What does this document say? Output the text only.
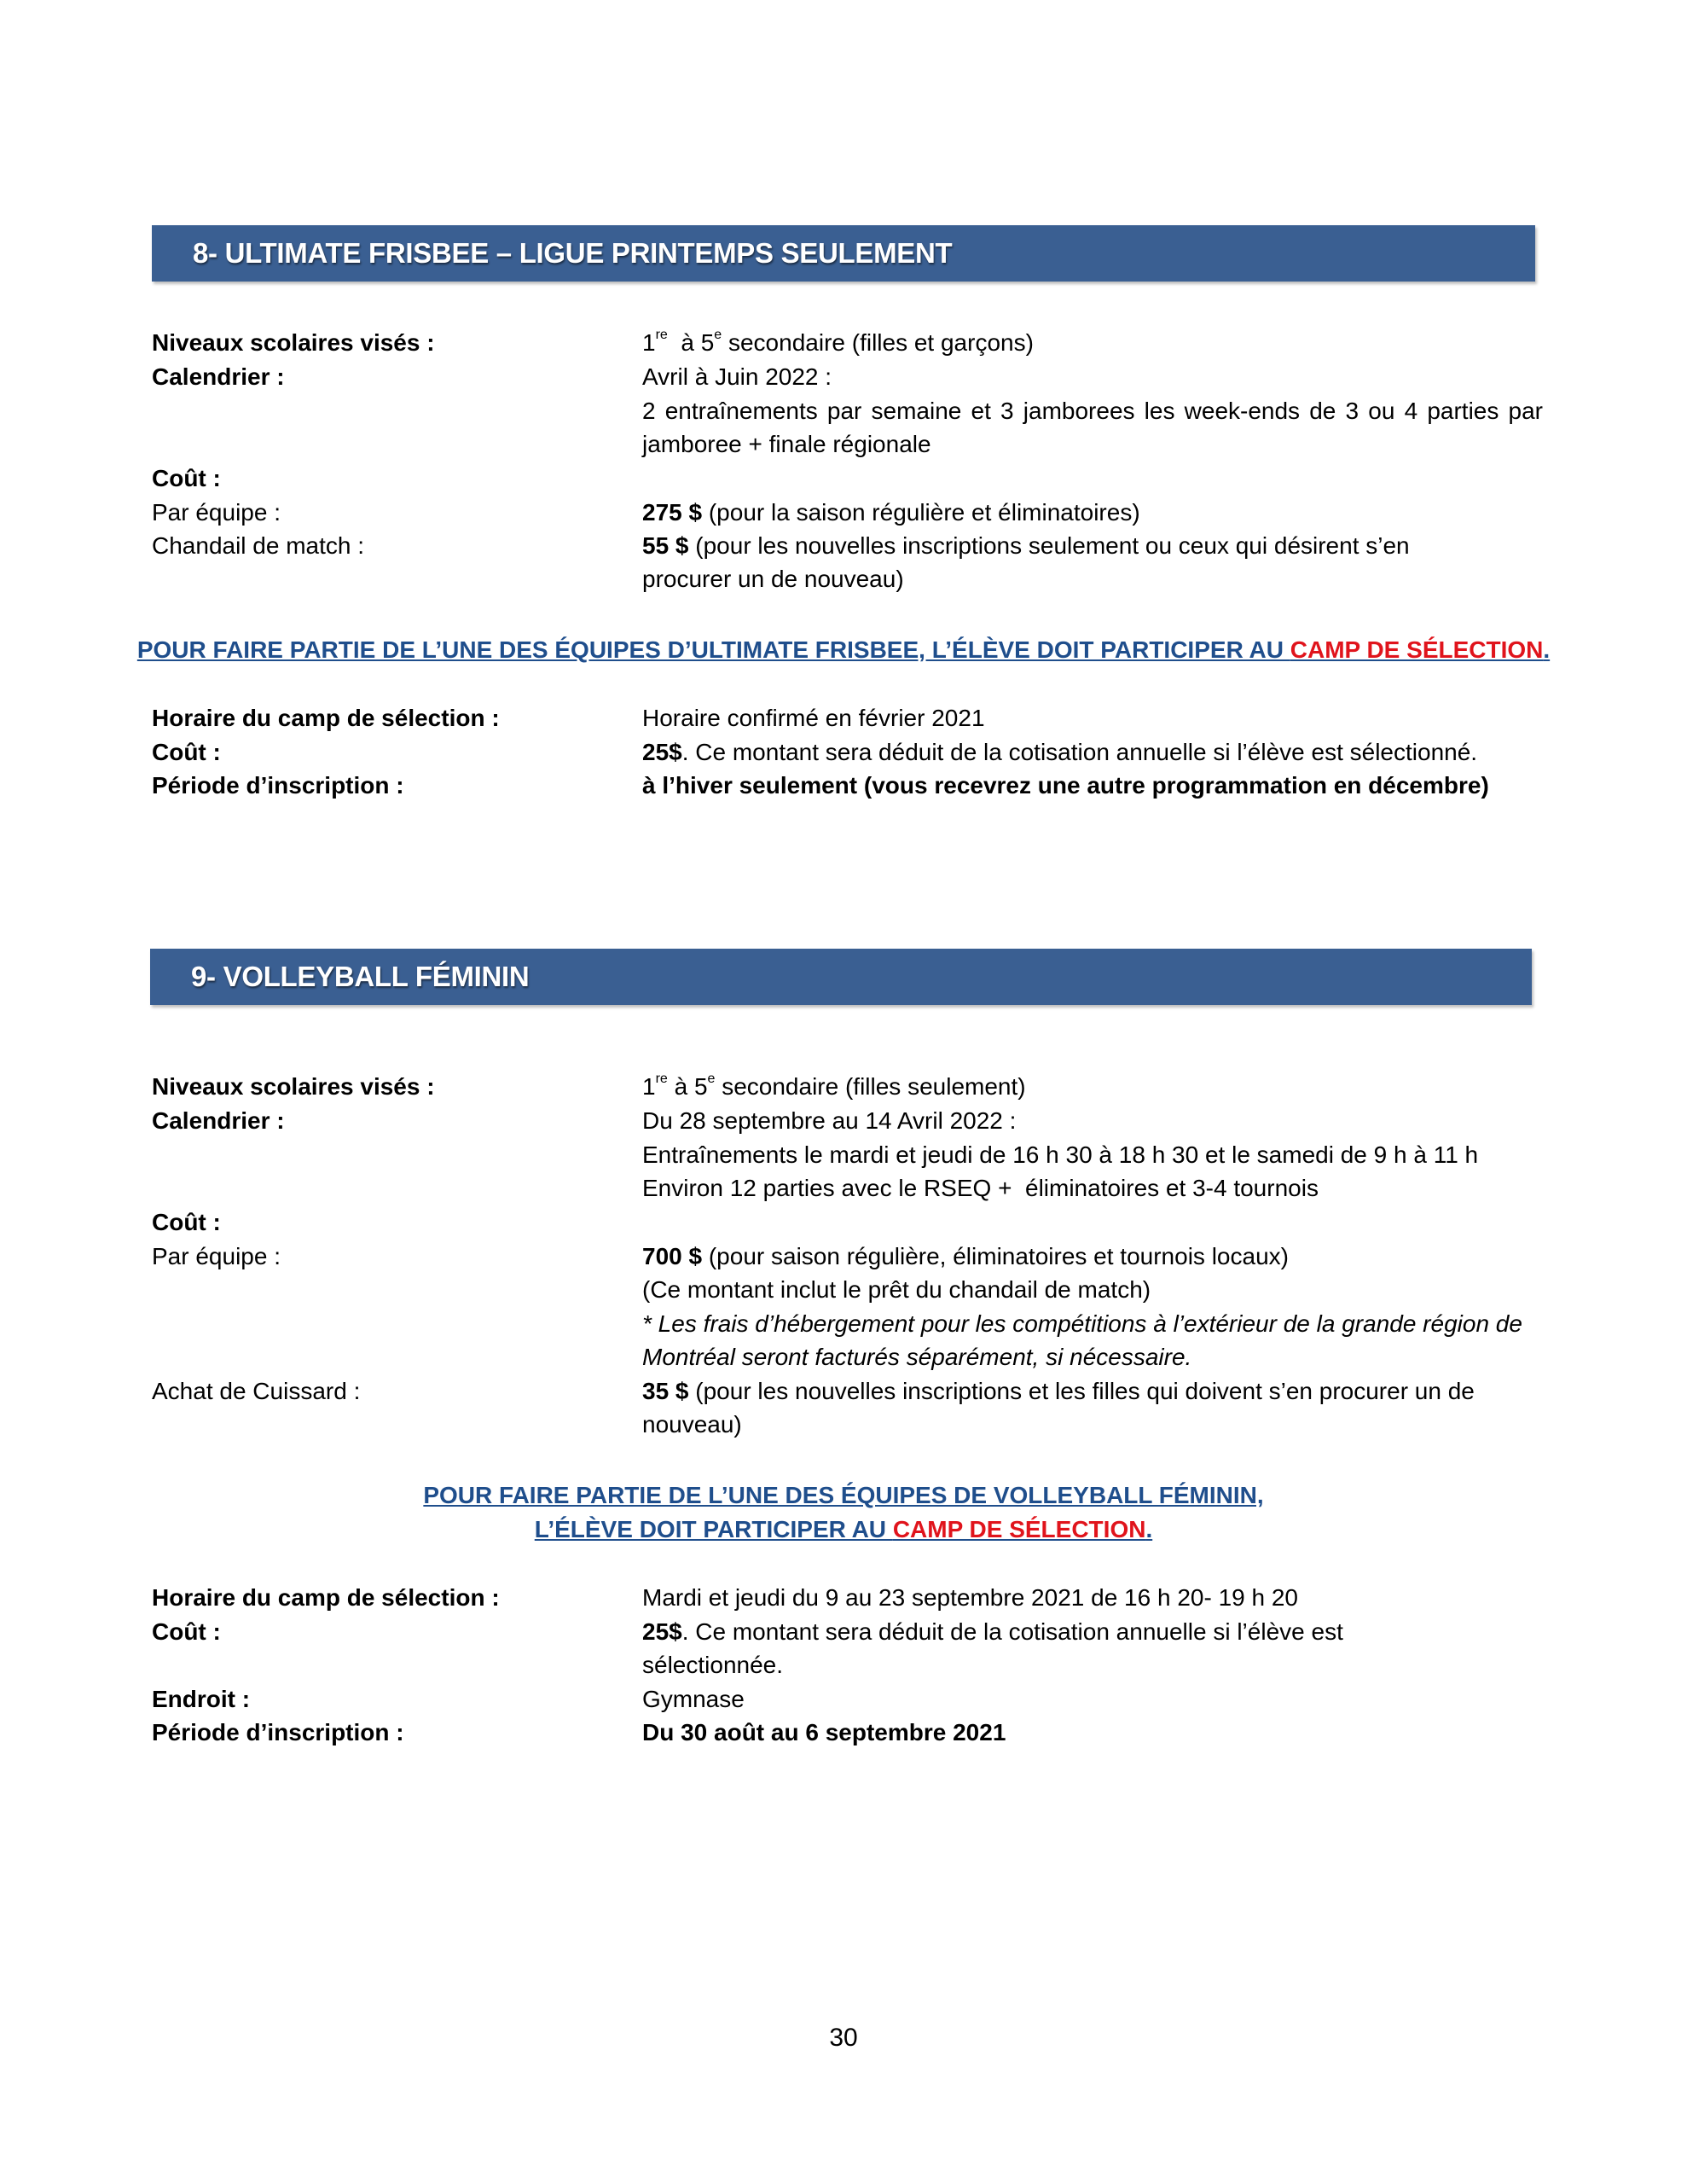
8- ULTIMATE FRISBEE – LIGUE PRINTEMPS SEULEMENT
Niveaux scolaires visés :	1re  à 5e secondaire (filles et garçons)
Calendrier :	Avril à Juin 2022 :
2 entraînements par semaine et 3 jamborees les week-ends de 3 ou 4 parties par jamboree + finale régionale
Coût :
Par équipe :	275 $ (pour la saison régulière et éliminatoires)
Chandail de match :	55 $ (pour les nouvelles inscriptions seulement ou ceux qui désirent s’en procurer un de nouveau)
POUR FAIRE PARTIE DE L’UNE DES ÉQUIPES D’ULTIMATE FRISBEE, L’ÉLÈVE DOIT PARTICIPER AU CAMP DE SÉLECTION.
Horaire du camp de sélection :	Horaire confirmé en février 2021
Coût :	25$. Ce montant sera déduit de la cotisation annuelle si l’élève est sélectionné.
Période d’inscription :	à l’hiver seulement (vous recevrez une autre programmation en décembre)
9- VOLLEYBALL FÉMININ
Niveaux scolaires visés :	1re à 5e secondaire (filles seulement)
Calendrier :	Du 28 septembre au 14 Avril 2022 :
Entraînements le mardi et jeudi de 16 h 30 à 18 h 30 et le samedi de 9 h à 11 h
Environ 12 parties avec le RSEQ +  éliminatoires et 3-4 tournois
Coût :
Par équipe :	700 $ (pour saison régulière, éliminatoires et tournois locaux)
(Ce montant inclut le prêt du chandail de match)
* Les frais d’hébergement pour les compétitions à l’extérieur de la grande région de Montréal seront facturés séparément, si nécessaire.
Achat de Cuissard :	35 $ (pour les nouvelles inscriptions et les filles qui doivent s’en procurer un de nouveau)
POUR FAIRE PARTIE DE L’UNE DES ÉQUIPES DE VOLLEYBALL FÉMININ,
L’ÉLÈVE DOIT PARTICIPER AU CAMP DE SÉLECTION.
Horaire du camp de sélection :	Mardi et jeudi du 9 au 23 septembre 2021 de 16 h 20- 19 h 20
Coût :	25$. Ce montant sera déduit de la cotisation annuelle si l’élève est sélectionnée.
Endroit :	Gymnase
Période d’inscription :	Du 30 août au 6 septembre 2021
30
